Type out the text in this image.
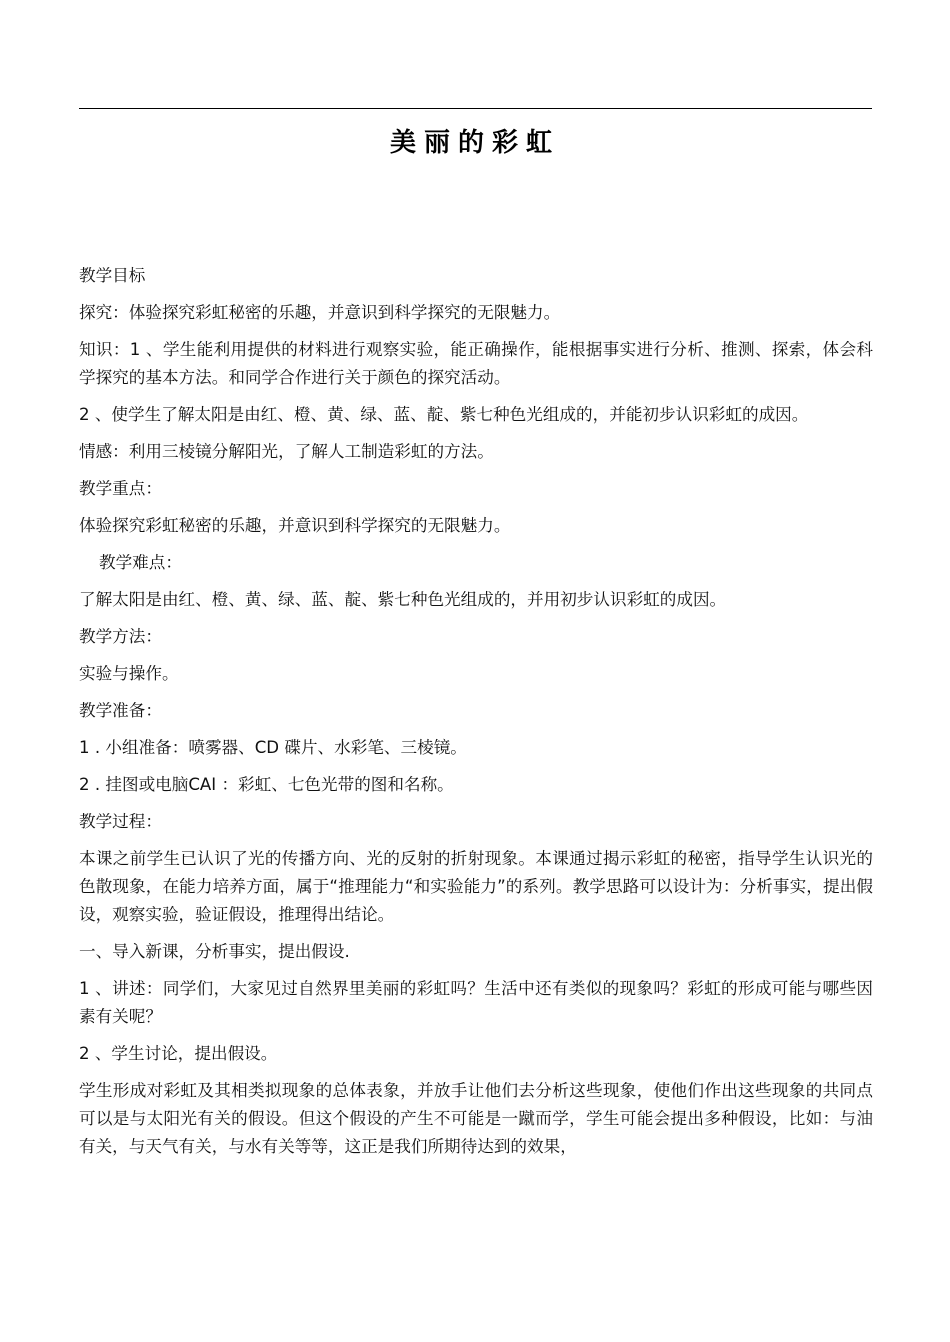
美丽的彩虹

教学目标

探究：体验探究彩虹秘密的乐趣，并意识到科学探究的无限魅力。

知识：1 、学生能利用提供的材料进行观察实验，能正确操作，能根据事实进行分析、推测、探索，体会科学探究的基本方法。和同学合作进行关于颜色的探究活动。

2 、使学生了解太阳是由红、橙、黄、绿、蓝、靛、紫七种色光组成的，并能初步认识彩虹的成因。

情感：利用三棱镜分解阳光，了解人工制造彩虹的方法。

教学重点：

体验探究彩虹秘密的乐趣，并意识到科学探究的无限魅力。

教学难点：

了解太阳是由红、橙、黄、绿、蓝、靛、紫七种色光组成的，并用初步认识彩虹的成因。

教学方法：

实验与操作。

教学准备：

1 . 小组准备：喷雾器、CD 碟片、水彩笔、三棱镜。

2 . 挂图或电脑CAI ：彩虹、七色光带的图和名称。

教学过程：

本课之前学生已认识了光的传播方向、光的反射的折射现象。本课通过揭示彩虹的秘密，指导学生认识光的色散现象，在能力培养方面，属于“推理能力“和实验能力”的系列。教学思路可以设计为：分析事实，提出假设，观察实验，验证假设，推理得出结论。

一、导入新课，分析事实，提出假设.

1 、讲述：同学们，大家见过自然界里美丽的彩虹吗？生活中还有类似的现象吗？彩虹的形成可能与哪些因素有关呢？

2 、学生讨论，提出假设。

学生形成对彩虹及其相类拟现象的总体表象，并放手让他们去分析这些现象，使他们作出这些现象的共同点可以是与太阳光有关的假设。但这个假设的产生不可能是一蹴而学，学生可能会提出多种假设，比如：与油有关，与天气有关，与水有关等等，这正是我们所期待达到的效果，
